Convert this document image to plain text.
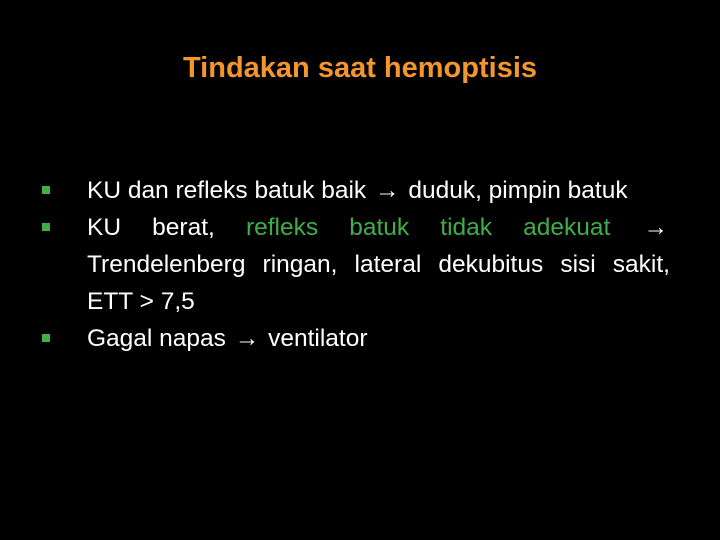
Tindakan saat hemoptisis
KU dan refleks batuk baik → duduk, pimpin batuk
KU berat, refleks batuk tidak adekuat → Trendelenberg ringan, lateral dekubitus sisi sakit, ETT > 7,5
Gagal napas → ventilator
